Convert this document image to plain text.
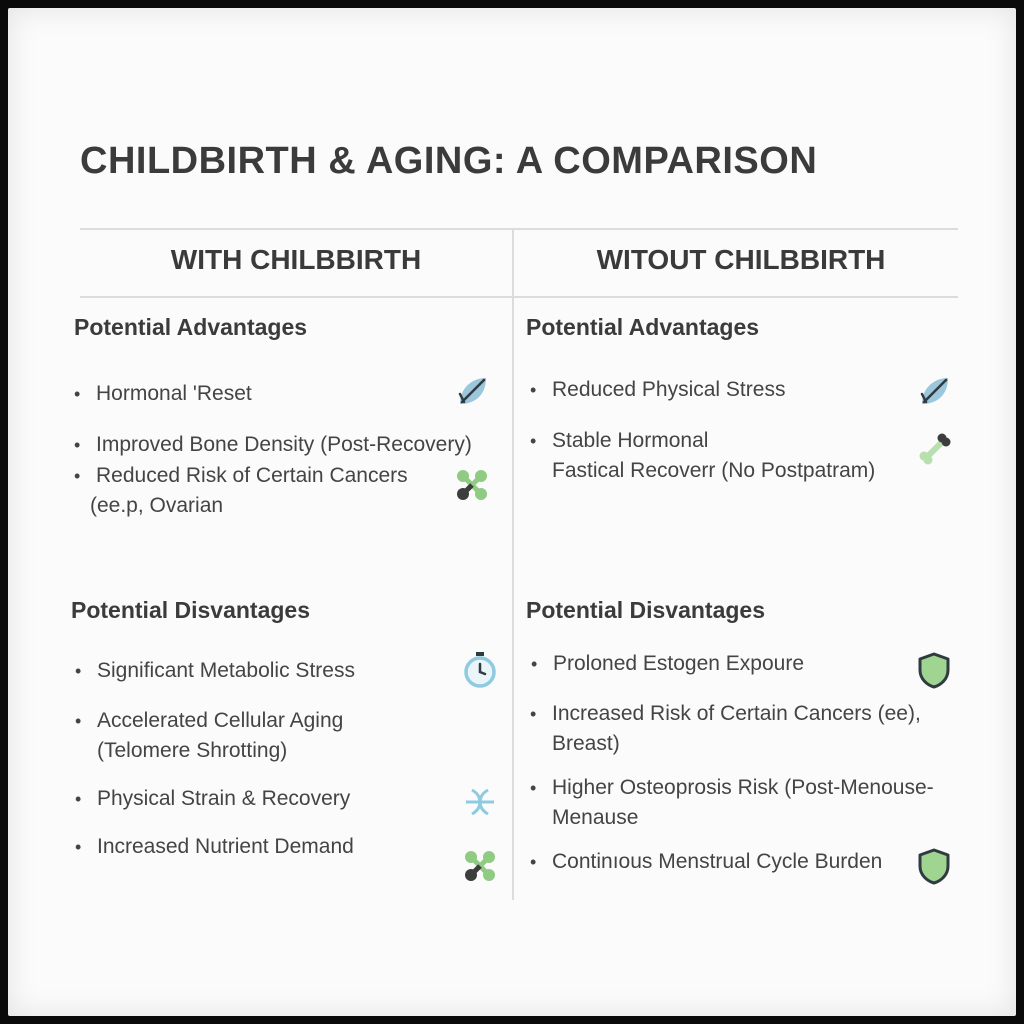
CHILDBIRTH & AGING: A COMPARISON
WITH CHILBBIRTH	WITOUT CHILBBIRTH
Potential Advantages
• Hormonal 'Reset
• Improved Bone Density (Post-Recovery)
• Reduced Risk of Certain Cancers
(ee.p, Ovarian
Potential Disvantages
• Significant Metabolic Stress
• Accelerated Cellular Aging
(Telomere Shrotting)
• Physical Strain & Recovery
• Increased Nutrient Demand
Potential Advantages
• Reduced Physical Stress
• Stable Hormonal
Fastical Recoverr (No Postpatram)
Potential Disvantages
• Proloned Estogen Expoure
• Increased Risk of Certain Cancers (ee),
Breast)
• Higher Osteoprosis Risk (Post-Menouse-
Menause
• Continıous Menstrual Cycle Burden
